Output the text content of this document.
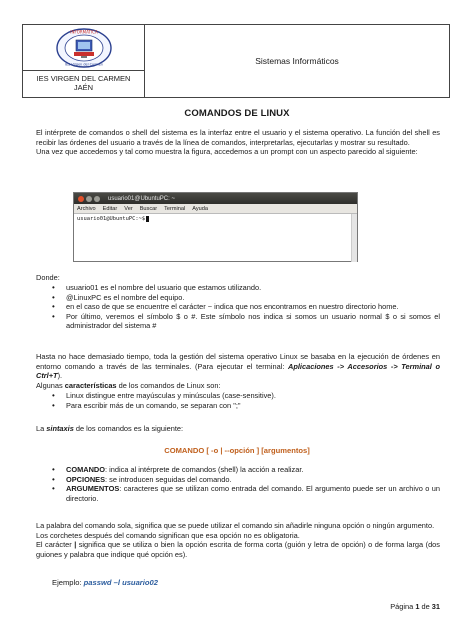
INFORMÁTICA
IES Virgen del Carmen
IES VIRGEN DEL CARMEN
JAÉN
Sistemas Informáticos
COMANDOS DE LINUX
El intérprete de comandos o shell del sistema es la interfaz entre el usuario y el sistema operativo. La función del shell es recibir las órdenes del usuario a través de la línea de comandos, interpretarlas, ejecutarlas y mostrar su resultado.
Una vez que accedemos y tal como muestra la figura, accedemos a un prompt con un aspecto parecido al siguiente:
usuario01@UbuntuPC: ~
Archivo Editar Ver Buscar Terminal Ayuda
usuario01@UbuntuPC:~$
Donde:
• usuario01 es el nombre del usuario que estamos utilizando.
• @LinuxPC es el nombre del equipo.
• en el caso de que se encuentre el carácter ~ indica que nos encontramos en nuestro directorio home.
• Por último, veremos el símbolo $ o #. Este símbolo nos indica si somos un usuario normal $ o si somos el administrador del sistema #
Hasta no hace demasiado tiempo, toda la gestión del sistema operativo Linux se basaba en la ejecución de órdenes en entorno comando a través de las terminales. (Para ejecutar el terminal: Aplicaciones -> Accesorios -> Terminal o Ctrl+T).
Algunas características de los comandos de Linux son:
• Linux distingue entre mayúsculas y minúsculas (case-sensitive).
• Para escribir más de un comando, se separan con ";"
La sintaxis de los comandos es la siguiente:
COMANDO [ -o | --opción ] [argumentos]
• COMANDO: indica al intérprete de comandos (shell) la acción a realizar.
• OPCIONES: se introducen seguidas del comando.
• ARGUMENTOS: caracteres que se utilizan como entrada del comando. El argumento puede ser un archivo o un directorio.
La palabra del comando sola, significa que se puede utilizar el comando sin añadirle ninguna opción o ningún argumento.
Los corchetes después del comando significan que esa opción no es obligatoria.
El carácter | significa que se utiliza o bien la opción escrita de forma corta (guión y letra de opción) o de forma larga (dos guiones y palabra que indique qué opción es).
Ejemplo: passwd –l usuario02
Página 1 de 31
